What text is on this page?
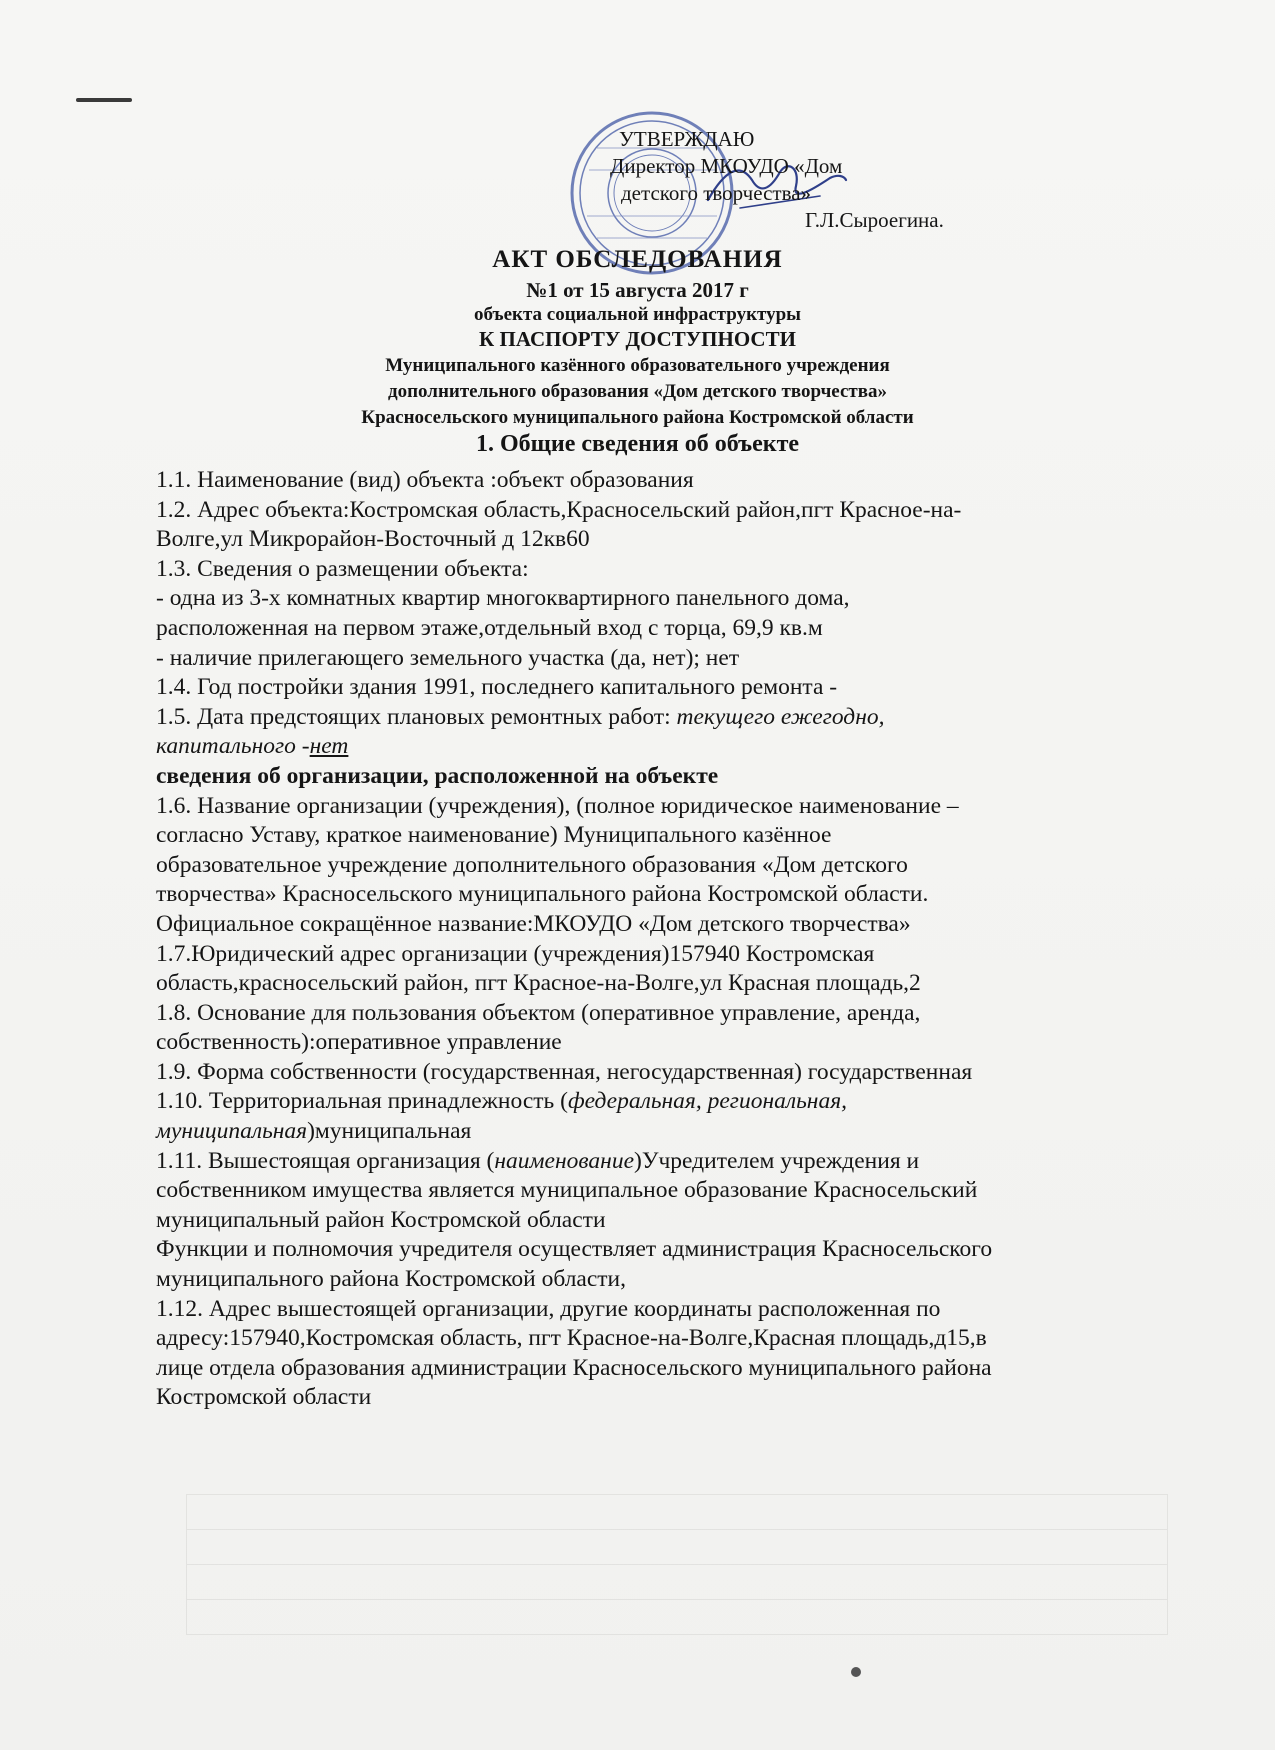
УТВЕРЖДАЮ
Директор МКОУДО «Дом
детского творчества»
Г.Л.Сыроегина.
АКТ ОБСЛЕДОВАНИЯ
№1 от 15 августа 2017 г
объекта социальной инфраструктуры
К ПАСПОРТУ ДОСТУПНОСТИ
Муниципального казённого образовательного учреждения
дополнительного образования «Дом детского творчества»
Красносельского муниципального района Костромской области
1. Общие сведения об объекте

1.1. Наименование (вид) объекта :объект образования

1.2. Адрес объекта:Костромская область,Красносельский район,пгт Красное-на-

Волге,ул Микрорайон-Восточный д 12кв60

1.3. Сведения о размещении объекта:

- одна из 3-х комнатных квартир многоквартирного панельного дома,

расположенная на первом этаже,отдельный вход с торца, 69,9 кв.м

- наличие прилегающего земельного участка (да, нет); нет

1.4. Год постройки здания 1991, последнего капитального ремонта -

1.5. Дата предстоящих плановых ремонтных работ: текущего ежегодно,

капитального -нет

сведения об организации, расположенной на объекте

1.6. Название организации (учреждения), (полное юридическое наименование –

согласно Уставу, краткое наименование) Муниципального казённое

образовательное учреждение дополнительного образования «Дом детского

творчества» Красносельского муниципального района Костромской области.

Официальное сокращённое название:МКОУДО «Дом детского творчества»

1.7.Юридический адрес организации (учреждения)157940 Костромская

область,красносельский район, пгт Красное-на-Волге,ул Красная площадь,2

1.8. Основание для пользования объектом (оперативное управление, аренда,

собственность):оперативное управление

1.9. Форма собственности (государственная, негосударственная) государственная

1.10. Территориальная принадлежность (федеральная, региональная,

муниципальная)муниципальная

1.11. Вышестоящая организация (наименование)Учредителем учреждения и

собственником имущества является муниципальное образование Красносельский

муниципальный район Костромской области

Функции и полномочия учредителя осуществляет администрация Красносельского

муниципального района Костромской области,

1.12. Адрес вышестоящей организации, другие координаты расположенная по

адресу:157940,Костромская область, пгт Красное-на-Волге,Красная площадь,д15,в

лице отдела образования администрации Красносельского муниципального района

Костромской области
